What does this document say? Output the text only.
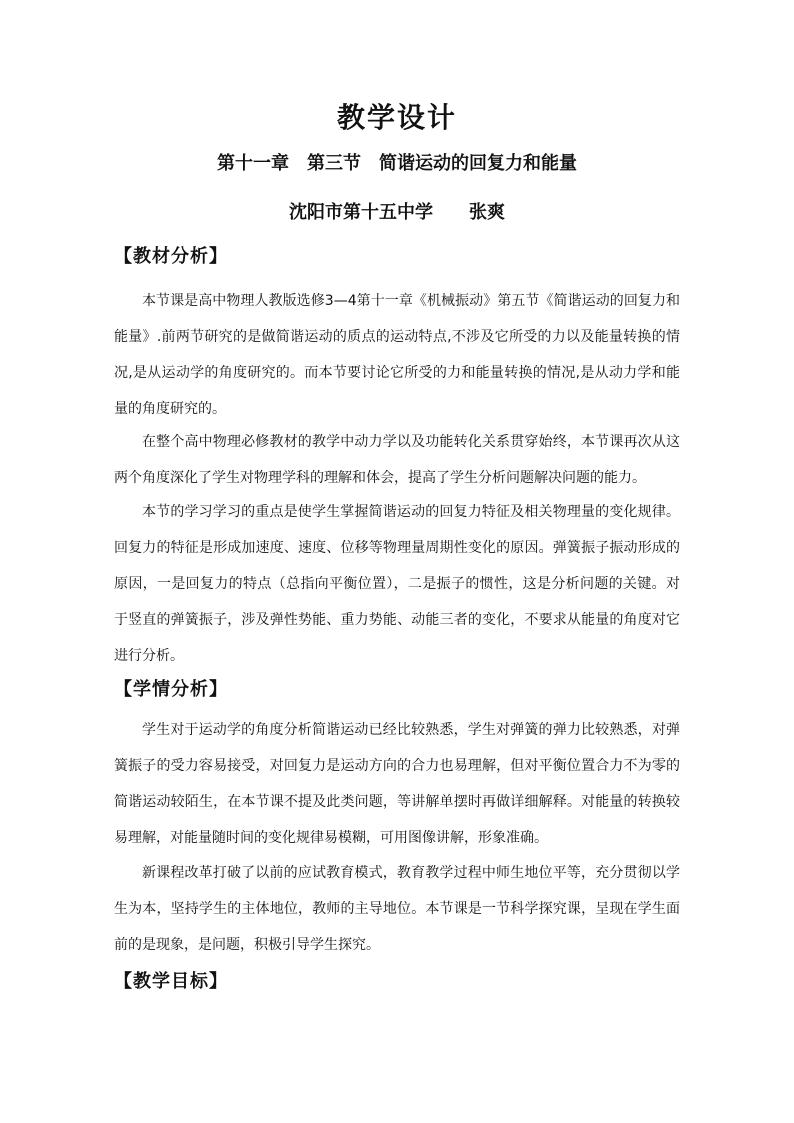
教学设计
第十一章　第三节　简谐运动的回复力和能量
沈阳市第十五中学　　张爽
【教材分析】

本节课是高中物理人教版选修3—4第十一章《机械振动》第五节《简谐运动的回复力和能量》.前两节研究的是做简谐运动的质点的运动特点,不涉及它所受的力以及能量转换的情况,是从运动学的角度研究的。而本节要讨论它所受的力和能量转换的情况,是从动力学和能量的角度研究的。

在整个高中物理必修教材的教学中动力学以及功能转化关系贯穿始终，本节课再次从这两个角度深化了学生对物理学科的理解和体会，提高了学生分析问题解决问题的能力。

本节的学习学习的重点是使学生掌握简谐运动的回复力特征及相关物理量的变化规律。回复力的特征是形成加速度、速度、位移等物理量周期性变化的原因。弹簧振子振动形成的原因，一是回复力的特点（总指向平衡位置），二是振子的惯性，这是分析问题的关键。对于竖直的弹簧振子，涉及弹性势能、重力势能、动能三者的变化，不要求从能量的角度对它进行分析。

【学情分析】

学生对于运动学的角度分析简谐运动已经比较熟悉，学生对弹簧的弹力比较熟悉，对弹簧振子的受力容易接受，对回复力是运动方向的合力也易理解，但对平衡位置合力不为零的简谐运动较陌生，在本节课不提及此类问题，等讲解单摆时再做详细解释。对能量的转换较易理解，对能量随时间的变化规律易模糊，可用图像讲解，形象准确。

新课程改革打破了以前的应试教育模式，教育教学过程中师生地位平等，充分贯彻以学生为本，坚持学生的主体地位，教师的主导地位。本节课是一节科学探究课，呈现在学生面前的是现象，是问题，积极引导学生探究。

【教学目标】
